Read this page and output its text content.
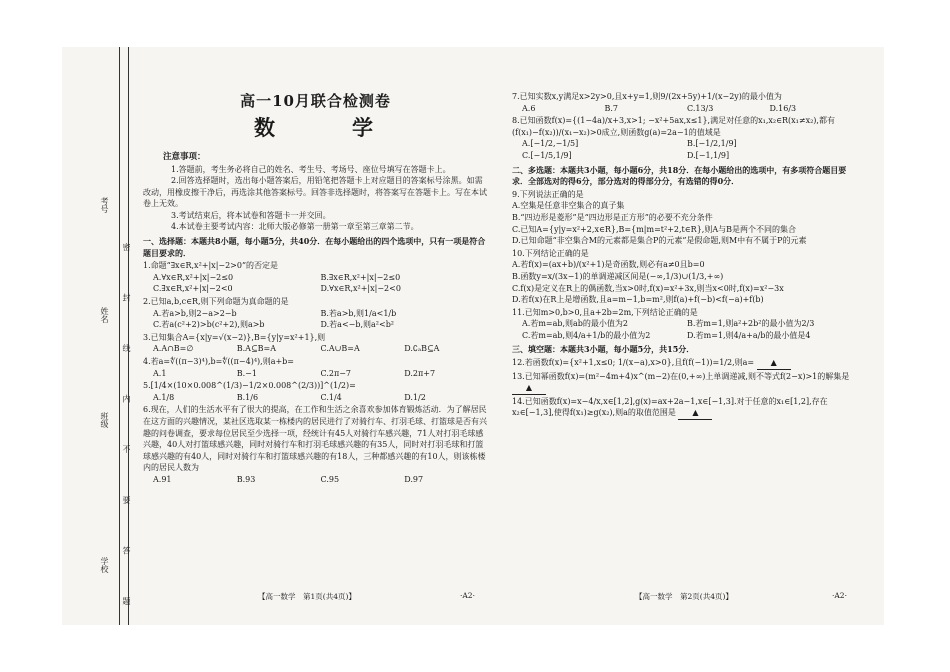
考号
姓名 密 封 线 内 不 要 答 题
班级
学校
高一10月联合检测卷
数　学
注意事项：
1.答题前，考生务必将自己的姓名、考生号、考场号、座位号填写在答题卡上。
2.回答选择题时，选出每小题答案后，用铅笔把答题卡上对应题目的答案标号涂黑。如需改动，用橡皮擦干净后，再选涂其他答案标号。回答非选择题时，将答案写在答题卡上。写在本试卷上无效。
3.考试结束后，将本试卷和答题卡一并交回。
4.本试卷主要考试内容：北师大版必修第一册第一章至第三章第二节。
一、选择题：本题共8小题，每小题5分，共40分．在每小题给出的四个选项中，只有一项是符合题目要求的．
1.命题“∃x∈R,x²+|x|−2>0”的否定是
A.∀x∈R,x²+|x|−2≤0	B.∃x∈R,x²+|x|−2≤0
C.∃x∈R,x²+|x|−2<0	D.∀x∈R,x²+|x|−2<0
2.已知a,b,c∈R,则下列命题为真命题的是
A.若a>b,则2−a>2−b	B.若a>b,则1/a<1/b
C.若a(c²+2)>b(c²+2),则a>b	D.若a<−b,则a²<b²
3.已知集合A={x|y=√(x−2)},B={y|y=x²+1},则
A.A∩B=∅	B.A⊆B=A	C.A∪B=A	D.∁ₐB⊆A
4.若a=∜((π−3)⁴),b=∜((π−4)⁴),则a+b=
A.1	B.−1	C.2π−7	D.2π+7
5.[1/4×(10×0.008^(1/3)−1/2×0.008^(2/3))]^(1/2)=
A.1/8	B.1/6	C.1/4	D.1/2
6.现在，人们的生活水平有了很大的提高，在工作和生活之余喜欢参加体育锻炼活动．为了解居民在这方面的兴趣情况，某社区选取某一栋楼内的居民进行了对骑行车、打羽毛球、打篮球是否有兴趣的问卷调查，要求每位居民至少选择一项，经统计有45人对骑行车感兴趣，71人对打羽毛球感兴趣，40人对打篮球感兴趣，同时对骑行车和打羽毛球感兴趣的有35人，同时对打羽毛球和打篮球感兴趣的有40人，同时对骑行车和打篮球感兴趣的有18人，三种都感兴趣的有10人，则该栋楼内的居民人数为
A.91	B.93	C.95	D.97
【高一数学　第1页(共4页)】	·A2·
7.已知实数x,y满足x>2y>0,且x+y=1,则9/(2x+5y)+1/(x−2y)的最小值为
A.6	B.7	C.13/3	D.16/3
8.已知函数f(x)={(1−4a)/x+3,x>1; −x²+5ax,x≤1},满足对任意的x₁,x₂∈R(x₁≠x₂),都有(f(x₁)−f(x₂))/(x₁−x₂)>0成立,则函数g(a)=2a−1的值域是
A.[−1/2,−1/5]	B.[−1/2,1/9]
C.[−1/5,1/9]	D.[−1,1/9]
二、多选题：本题共3小题，每小题6分，共18分．在每小题给出的选项中，有多项符合题目要求．全部选对的得6分，部分选对的得部分分，有选错的得0分．
9.下列说法正确的是
A.空集是任意非空集合的真子集
B.“四边形是菱形”是“四边形是正方形”的必要不充分条件
C.已知A={y|y=x²+2,x∈R},B={m|m=t²+2,t∈R},则A与B是两个不同的集合
D.已知命题“非空集合M的元素都是集合P的元素”是假命题,则M中有不属于P的元素
10.下列结论正确的是
A.若f(x)=(ax+b)/(x²+1)是奇函数,则必有a≠0且b=0
B.函数y=x/(3x−1)的单调递减区间是(−∞,1/3)∪(1/3,+∞)
C.f(x)是定义在R上的偶函数,当x>0时,f(x)=x²+3x,则当x<0时,f(x)=x²−3x
D.若f(x)在R上是增函数,且a=m−1,b=m²,则f(a)+f(−b)<f(−a)+f(b)
11.已知m>0,b>0,且a+2b=2m,下列结论正确的是
A.若m=ab,则ab的最小值为2	B.若m=1,则a²+2b²的最小值为2/3
C.若m=ab,则4/a+1/b的最小值为2	D.若m=1,则4/a+a/b的最小值是4
三、填空题：本题共3小题，每小题5分，共15分．
12.若函数f(x)={x²+1,x≤0; 1/(x−a),x>0},且f(f(−1))=1/2,则a= ▲
13.已知幂函数f(x)=(m²−4m+4)x^(m−2)在(0,+∞)上单调递减,则不等式f(2−x)>1的解集是 ▲
14.已知函数f(x)=x−4/x,x∈[1,2],g(x)=ax+2a−1,x∈[−1,3].对于任意的x₁∈[1,2],存在x₂∈[−1,3],使得f(x₁)≥g(x₂),则a的取值范围是 ▲
【高一数学　第2页(共4页)】	·A2·
